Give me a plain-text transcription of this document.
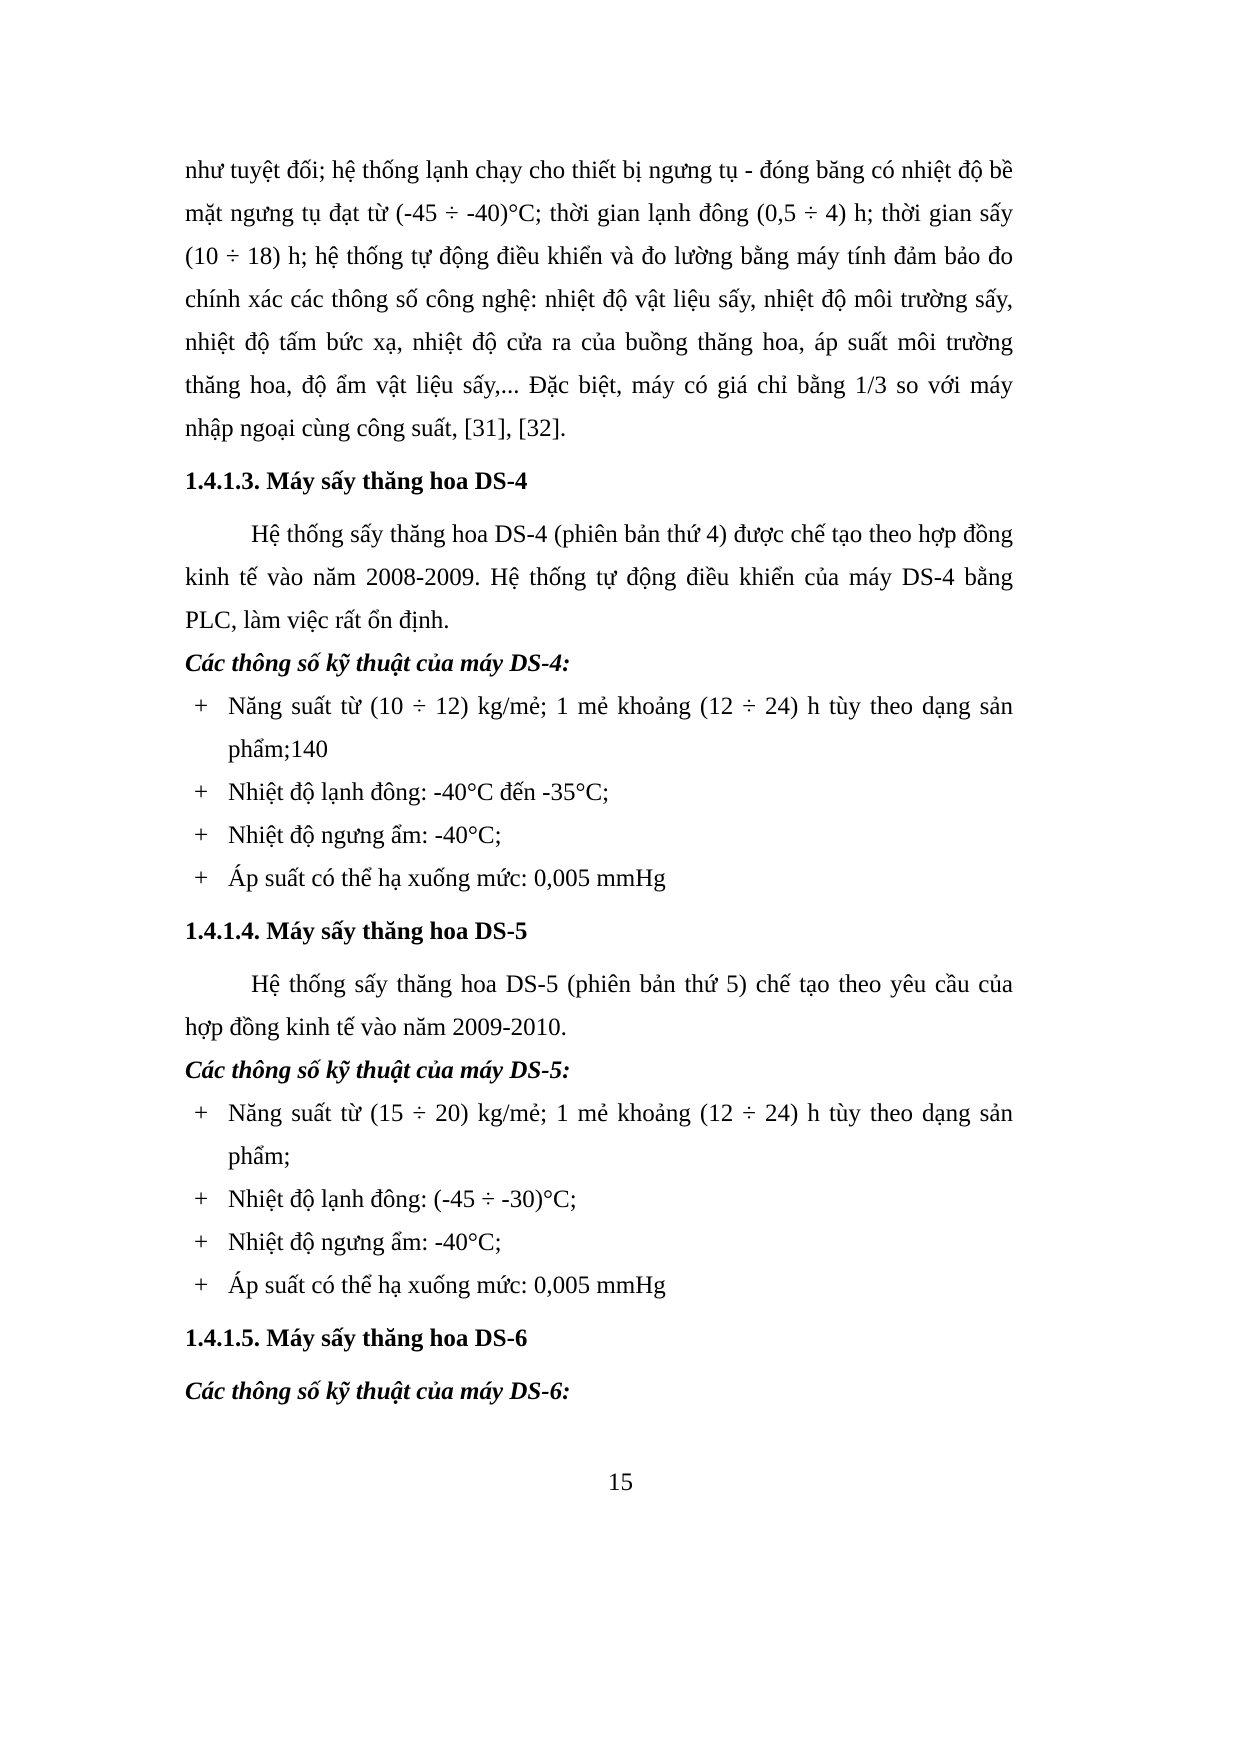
như tuyệt đối; hệ thống lạnh chạy cho thiết bị ngưng tụ - đóng băng có nhiệt độ bề mặt ngưng tụ đạt từ (-45 ÷ -40)°C; thời gian lạnh đông (0,5 ÷ 4) h; thời gian sấy (10 ÷ 18) h; hệ thống tự động điều khiển và đo lường bằng máy tính đảm bảo đo chính xác các thông số công nghệ: nhiệt độ vật liệu sấy, nhiệt độ môi trường sấy, nhiệt độ tấm bức xạ, nhiệt độ cửa ra của buồng thăng hoa, áp suất môi trường thăng hoa, độ ẩm vật liệu sấy,... Đặc biệt, máy có giá chỉ bằng 1/3 so với máy nhập ngoại cùng công suất, [31], [32].

1.4.1.3. Máy sấy thăng hoa DS-4

Hệ thống sấy thăng hoa DS-4 (phiên bản thứ 4) được chế tạo theo hợp đồng kinh tế vào năm 2008-2009. Hệ thống tự động điều khiển của máy DS-4 bằng PLC, làm việc rất ổn định.

Các thông số kỹ thuật của máy DS-4:

+ Năng suất từ (10 ÷ 12) kg/mẻ; 1 mẻ khoảng (12 ÷ 24) h tùy theo dạng sản phẩm;140
+ Nhiệt độ lạnh đông: -40°C đến -35°C;
+ Nhiệt độ ngưng ẩm: -40°C;
+ Áp suất có thể hạ xuống mức: 0,005 mmHg
1.4.1.4. Máy sấy thăng hoa DS-5

Hệ thống sấy thăng hoa DS-5 (phiên bản thứ 5) chế tạo theo yêu cầu của hợp đồng kinh tế vào năm 2009-2010.

Các thông số kỹ thuật của máy DS-5:

+ Năng suất từ (15 ÷ 20) kg/mẻ; 1 mẻ khoảng (12 ÷ 24) h tùy theo dạng sản phẩm;
+ Nhiệt độ lạnh đông: (-45 ÷ -30)°C;
+ Nhiệt độ ngưng ẩm: -40°C;
+ Áp suất có thể hạ xuống mức: 0,005 mmHg
1.4.1.5. Máy sấy thăng hoa DS-6

Các thông số kỹ thuật của máy DS-6:

15
